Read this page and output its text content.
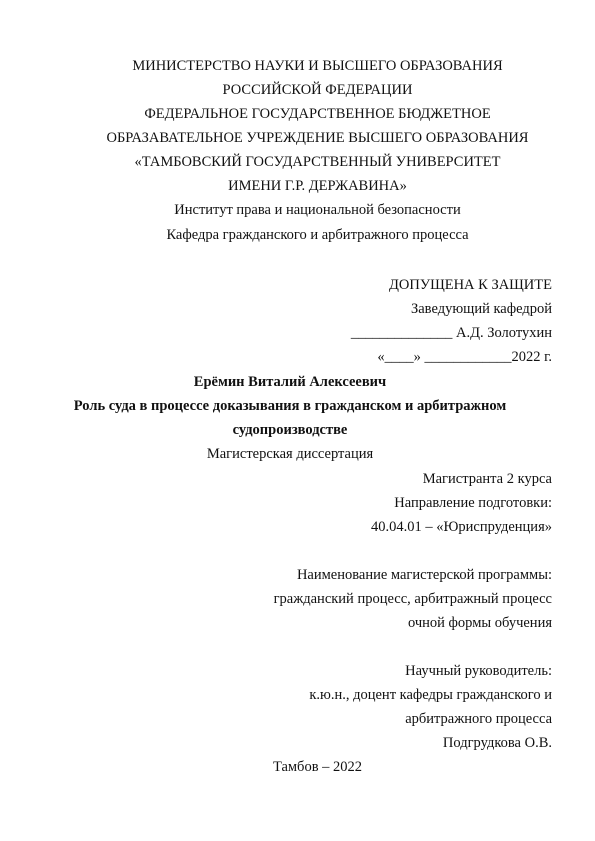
МИНИСТЕРСТВО НАУКИ И ВЫСШЕГО ОБРАЗОВАНИЯ
РОССИЙСКОЙ ФЕДЕРАЦИИ
ФЕДЕРАЛЬНОЕ ГОСУДАРСТВЕННОЕ БЮДЖЕТНОЕ
ОБРАЗАВАТЕЛЬНОЕ УЧРЕЖДЕНИЕ ВЫСШЕГО ОБРАЗОВАНИЯ
«ТАМБОВСКИЙ ГОСУДАРСТВЕННЫЙ УНИВЕРСИТЕТ
ИМЕНИ Г.Р. ДЕРЖАВИНА»
Институт права и национальной безопасности
Кафедра гражданского и арбитражного процесса
ДОПУЩЕНА К ЗАЩИТЕ
Заведующий кафедрой
______________ А.Д. Золотухин
«____» ____________2022 г.
Ерёмин Виталий Алексеевич
Роль суда в процессе доказывания в гражданском и арбитражном
судопроизводстве
Магистерская диссертация
Магистранта 2 курса
Направление подготовки:
40.04.01 – «Юриспруденция»
Наименование магистерской программы:
гражданский процесс, арбитражный процесс
очной формы обучения
Научный руководитель:
к.ю.н., доцент кафедры гражданского и
арбитражного процесса
Подгрудкова О.В.
Тамбов – 2022
